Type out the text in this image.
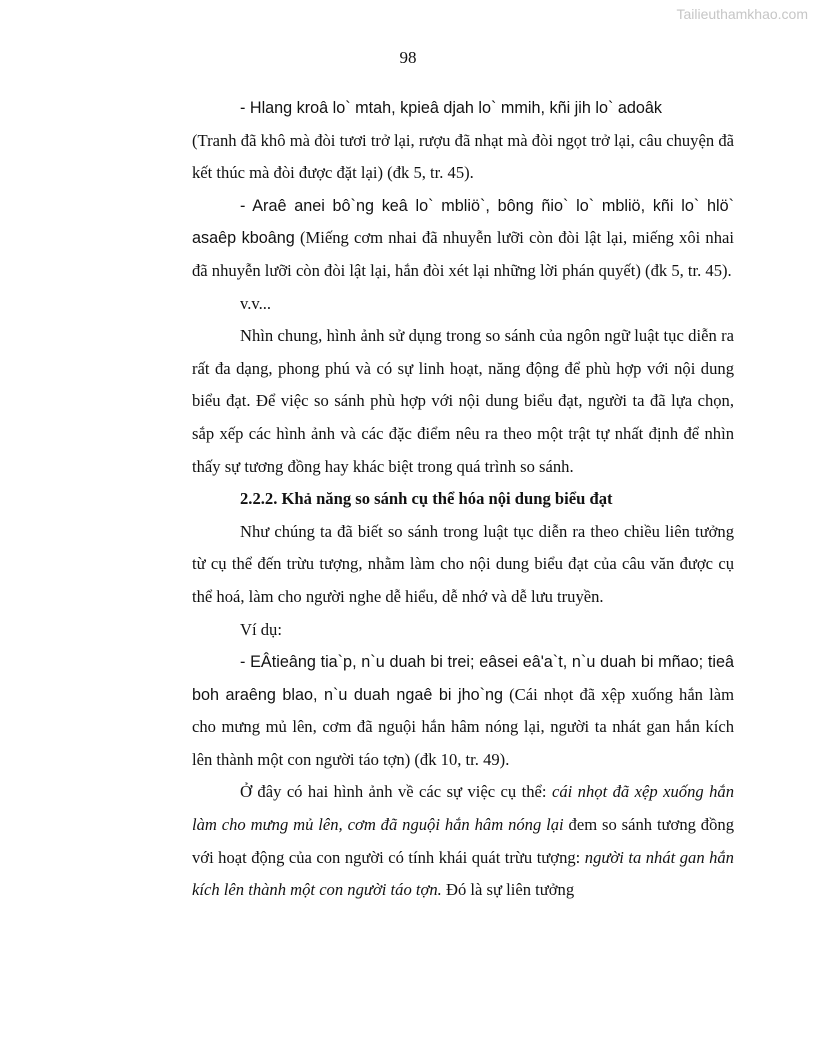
Tailieuthamkhao.com
98

- Hlang kroâ lo` mtah, kpieâ djah lo` mmih, kñi jih lo` adoâk

(Tranh đã khô mà đòi tươi trở lại, rượu đã nhạt mà đòi ngọt trở lại, câu chuyện đã kết thúc mà đòi được đặt lại) (đk 5, tr. 45).

- Araê anei bô`ng keâ lo` mbliö`, bông ñio` lo` mbliö, kñi lo` hlö` asaêp kboâng (Miếng cơm nhai đã nhuyễn lưỡi còn đòi lật lại, miếng xôi nhai đã nhuyễn lưỡi còn đòi lật lại, hắn đòi xét lại những lời phán quyết) (đk 5, tr. 45).

v.v...

Nhìn chung, hình ảnh sử dụng trong so sánh của ngôn ngữ luật tục diễn ra rất đa dạng, phong phú và có sự linh hoạt, năng động để phù hợp với nội dung biểu đạt. Để việc so sánh phù hợp với nội dung biểu đạt, người ta đã lựa chọn, sắp xếp các hình ảnh và các đặc điểm nêu ra theo một trật tự nhất định để nhìn thấy sự tương đồng hay khác biệt trong quá trình so sánh.

2.2.2. Khả năng so sánh cụ thể hóa nội dung biểu đạt

Như chúng ta đã biết so sánh trong luật tục diễn ra theo chiều liên tưởng từ cụ thể đến trừu tượng, nhằm làm cho nội dung biểu đạt của câu văn được cụ thể hoá, làm cho người nghe dễ hiểu, dễ nhớ và dễ lưu truyền.

Ví dụ:

- EÂtieâng tia`p, n`u duah bi trei; eâsei eâ'a`t, n`u duah bi mñao; tieâ boh araêng blao, n`u duah ngaê bi jho`ng (Cái nhọt đã xệp xuống hắn làm cho mưng mủ lên, cơm đã nguội hắn hâm nóng lại, người ta nhát gan hắn kích lên thành một con người táo tợn) (đk 10, tr. 49).

Ở đây có hai hình ảnh về các sự việc cụ thể: cái nhọt đã xệp xuống hắn làm cho mưng mủ lên, cơm đã nguội hắn hâm nóng lại đem so sánh tương đồng với hoạt động của con người có tính khái quát trừu tượng: người ta nhát gan hắn kích lên thành một con người táo tợn. Đó là sự liên tưởng
